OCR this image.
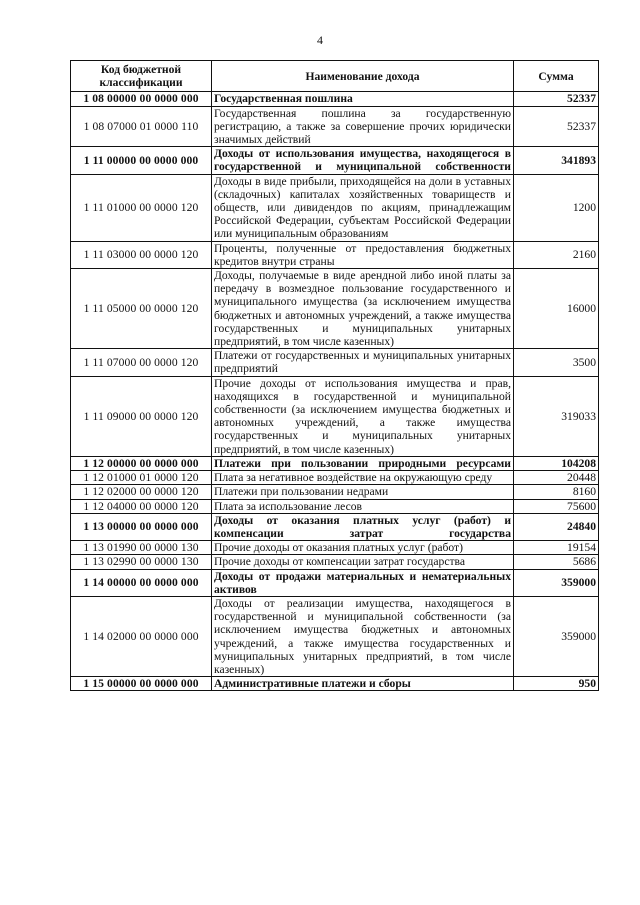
4
Код бюджетной классификации	Наименование дохода	Сумма
1 08 00000 00 0000 000	Государственная пошлина	52337
1 08 07000 01 0000 110	Государственная пошлина за государственную регистрацию, а также за совершение прочих юридически значимых действий	52337
1 11 00000 00 0000 000	Доходы от использования имущества, находящегося в государственной и муниципальной собственности	341893
1 11 01000 00 0000 120	Доходы в виде прибыли, приходящейся на доли в уставных (складочных) капиталах хозяйственных товариществ и обществ, или дивидендов по акциям, принадлежащим Российской Федерации, субъектам Российской Федерации или муниципальным образованиям	1200
1 11 03000 00 0000 120	Проценты, полученные от предоставления бюджетных кредитов внутри страны	2160
1 11 05000 00 0000 120	Доходы, получаемые в виде арендной либо иной платы за передачу в возмездное пользование государственного и муниципального имущества (за исключением имущества бюджетных и автономных учреждений, а также имущества государственных и муниципальных унитарных предприятий, в том числе казенных)	16000
1 11 07000 00 0000 120	Платежи от государственных и муниципальных унитарных предприятий	3500
1 11 09000 00 0000 120	Прочие доходы от использования имущества и прав, находящихся в государственной и муниципальной собственности (за исключением имущества бюджетных и автономных учреждений, а также имущества государственных и муниципальных унитарных предприятий, в том числе казенных)	319033
1 12 00000 00 0000 000	Платежи при пользовании природными ресурсами	104208
1 12 01000 01 0000 120	Плата за негативное воздействие на окружающую среду	20448
1 12 02000 00 0000 120	Платежи при пользовании недрами	8160
1 12 04000 00 0000 120	Плата за использование лесов	75600
1 13 00000 00 0000 000	Доходы от оказания платных услуг (работ) и компенсации затрат государства	24840
1 13 01990 00 0000 130	Прочие доходы от оказания платных услуг (работ)	19154
1 13 02990 00 0000 130	Прочие доходы от компенсации затрат государства	5686
1 14 00000 00 0000 000	Доходы от продажи материальных и нематериальных активов	359000
1 14 02000 00 0000 000	Доходы от реализации имущества, находящегося в государственной и муниципальной собственности (за исключением имущества бюджетных и автономных учреждений, а также имущества государственных и муниципальных унитарных предприятий, в том числе казенных)	359000
1 15 00000 00 0000 000	Административные платежи и сборы	950
